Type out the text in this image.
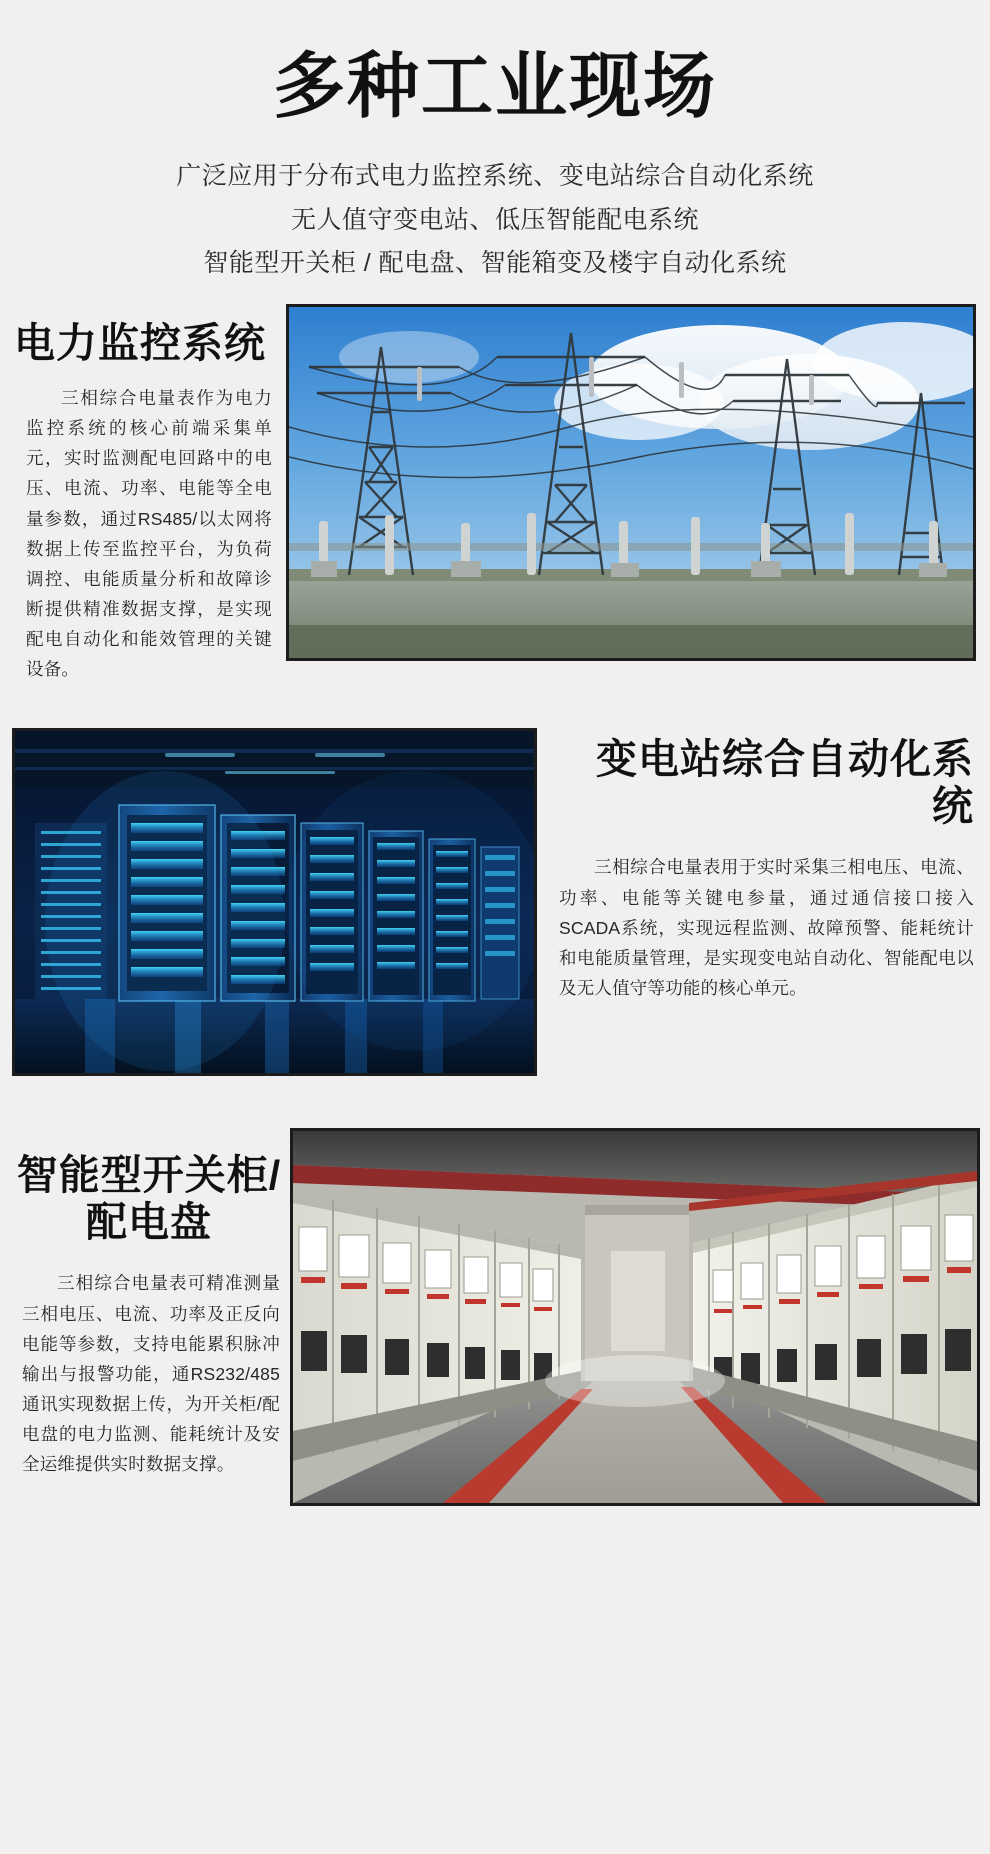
多种工业现场
广泛应用于分布式电力监控系统、变电站综合自动化系统
无人值守变电站、低压智能配电系统
智能型开关柜 / 配电盘、智能箱变及楼宇自动化系统
电力监控系统
三相综合电量表作为电力监控系统的核心前端采集单元，实时监测配电回路中的电压、电流、功率、电能等全电量参数，通过RS485/以太网将数据上传至监控平台，为负荷调控、电能质量分析和故障诊断提供精准数据支撑，是实现配电自动化和能效管理的关键设备。
变电站综合自动化系统
三相综合电量表用于实时采集三相电压、电流、功率、电能等关键电参量，通过通信接口接入SCADA系统，实现远程监测、故障预警、能耗统计和电能质量管理，是实现变电站自动化、智能配电以及无人值守等功能的核心单元。
智能型开关柜/配电盘
三相综合电量表可精准测量三相电压、电流、功率及正反向电能等参数，支持电能累积脉冲输出与报警功能，通RS232/485通讯实现数据上传，为开关柜/配电盘的电力监测、能耗统计及安全运维提供实时数据支撑。
